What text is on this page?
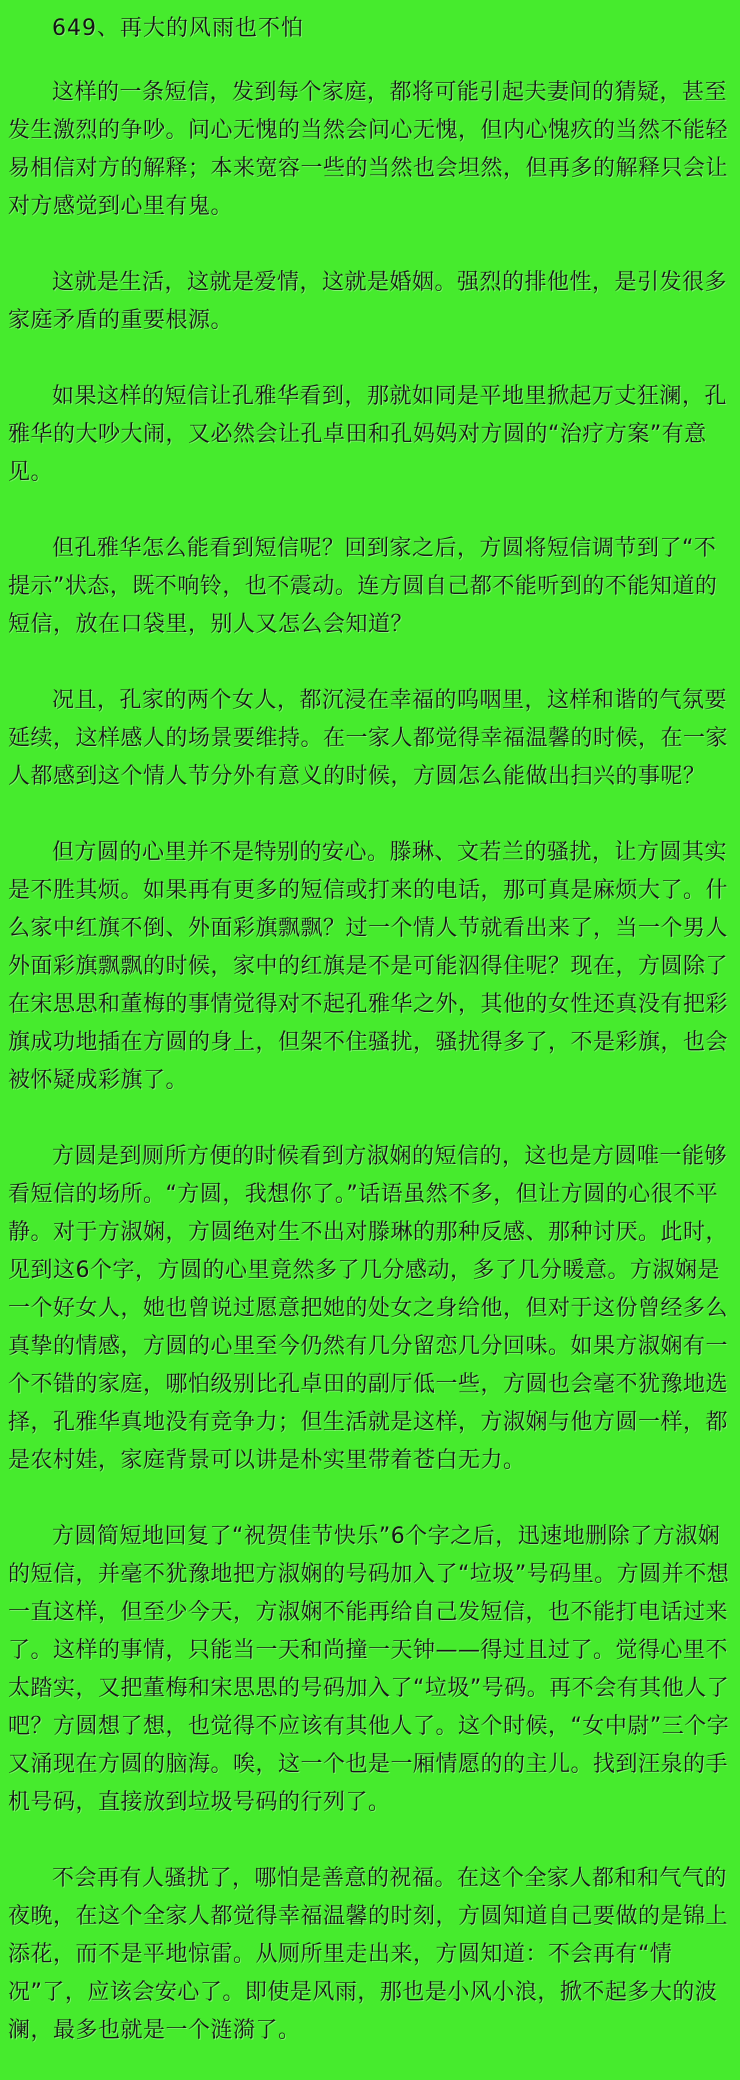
649、再大的风雨也不怕

这样的一条短信，发到每个家庭，都将可能引起夫妻间的猜疑，甚至发生激烈的争吵。问心无愧的当然会问心无愧，但内心愧疚的当然不能轻易相信对方的解释；本来宽容一些的当然也会坦然，但再多的解释只会让对方感觉到心里有鬼。

这就是生活，这就是爱情，这就是婚姻。强烈的排他性，是引发很多家庭矛盾的重要根源。

如果这样的短信让孔雅华看到，那就如同是平地里掀起万丈狂澜，孔雅华的大吵大闹，又必然会让孔卓田和孔妈妈对方圆的“治疗方案”有意见。

但孔雅华怎么能看到短信呢？回到家之后，方圆将短信调节到了“不提示”状态，既不响铃，也不震动。连方圆自己都不能听到的不能知道的短信，放在口袋里，别人又怎么会知道？

况且，孔家的两个女人，都沉浸在幸福的呜咽里，这样和谐的气氛要延续，这样感人的场景要维持。在一家人都觉得幸福温馨的时候，在一家人都感到这个情人节分外有意义的时候，方圆怎么能做出扫兴的事呢？

但方圆的心里并不是特别的安心。滕琳、文若兰的骚扰，让方圆其实是不胜其烦。如果再有更多的短信或打来的电话，那可真是麻烦大了。什么家中红旗不倒、外面彩旗飘飘？过一个情人节就看出来了，当一个男人外面彩旗飘飘的时候，家中的红旗是不是可能泅得住呢？现在，方圆除了在宋思思和董梅的事情觉得对不起孔雅华之外，其他的女性还真没有把彩旗成功地插在方圆的身上，但架不住骚扰，骚扰得多了，不是彩旗，也会被怀疑成彩旗了。

方圆是到厕所方便的时候看到方淑娴的短信的，这也是方圆唯一能够看短信的场所。“方圆，我想你了。”话语虽然不多，但让方圆的心很不平静。对于方淑娴，方圆绝对生不出对滕琳的那种反感、那种讨厌。此时，见到这6个字，方圆的心里竟然多了几分感动，多了几分暖意。方淑娴是一个好女人，她也曾说过愿意把她的处女之身给他，但对于这份曾经多么真挚的情感，方圆的心里至今仍然有几分留恋几分回味。如果方淑娴有一个不错的家庭，哪怕级别比孔卓田的副厅低一些，方圆也会毫不犹豫地选择，孔雅华真地没有竞争力；但生活就是这样，方淑娴与他方圆一样，都是农村娃，家庭背景可以讲是朴实里带着苍白无力。

方圆简短地回复了“祝贺佳节快乐”6个字之后，迅速地删除了方淑娴的短信，并毫不犹豫地把方淑娴的号码加入了“垃圾”号码里。方圆并不想一直这样，但至少今天，方淑娴不能再给自己发短信，也不能打电话过来了。这样的事情，只能当一天和尚撞一天钟——得过且过了。觉得心里不太踏实，又把董梅和宋思思的号码加入了“垃圾”号码。再不会有其他人了吧？方圆想了想，也觉得不应该有其他人了。这个时候，“女中尉”三个字又涌现在方圆的脑海。唉，这一个也是一厢情愿的的主儿。找到汪泉的手机号码，直接放到垃圾号码的行列了。

不会再有人骚扰了，哪怕是善意的祝福。在这个全家人都和和气气的夜晚，在这个全家人都觉得幸福温馨的时刻，方圆知道自己要做的是锦上添花，而不是平地惊雷。从厕所里走出来，方圆知道：不会再有“情况”了，应该会安心了。即使是风雨，那也是小风小浪，掀不起多大的波澜，最多也就是一个涟漪了。
